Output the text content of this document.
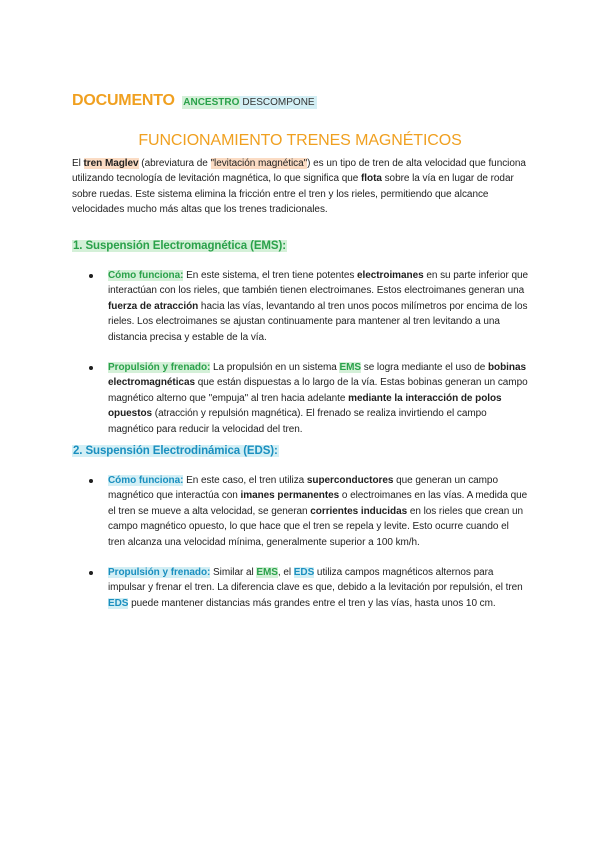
DOCUMENTO ANCESTRO DESCOMPONE
FUNCIONAMIENTO TRENES MAGNÉTICOS
El tren Maglev (abreviatura de "levitación magnética") es un tipo de tren de alta velocidad que funciona utilizando tecnología de levitación magnética, lo que significa que flota sobre la vía en lugar de rodar sobre ruedas. Este sistema elimina la fricción entre el tren y los rieles, permitiendo que alcance velocidades mucho más altas que los trenes tradicionales.
1. Suspensión Electromagnética (EMS):
Cómo funciona: En este sistema, el tren tiene potentes electroimanes en su parte inferior que interactúan con los rieles, que también tienen electroimanes. Estos electroimanes generan una fuerza de atracción hacia las vías, levantando al tren unos pocos milímetros por encima de los rieles. Los electroimanes se ajustan continuamente para mantener al tren levitando a una distancia precisa y estable de la vía.
Propulsión y frenado: La propulsión en un sistema EMS se logra mediante el uso de bobinas electromagnéticas que están dispuestas a lo largo de la vía. Estas bobinas generan un campo magnético alterno que "empuja" al tren hacia adelante mediante la interacción de polos opuestos (atracción y repulsión magnética). El frenado se realiza invirtiendo el campo magnético para reducir la velocidad del tren.
2. Suspensión Electrodinámica (EDS):
Cómo funciona: En este caso, el tren utiliza superconductores que generan un campo magnético que interactúa con imanes permanentes o electroimanes en las vías. A medida que el tren se mueve a alta velocidad, se generan corrientes inducidas en los rieles que crean un campo magnético opuesto, lo que hace que el tren se repela y levite. Esto ocurre cuando el tren alcanza una velocidad mínima, generalmente superior a 100 km/h.
Propulsión y frenado: Similar al EMS, el EDS utiliza campos magnéticos alternos para impulsar y frenar el tren. La diferencia clave es que, debido a la levitación por repulsión, el tren EDS puede mantener distancias más grandes entre el tren y las vías, hasta unos 10 cm.
